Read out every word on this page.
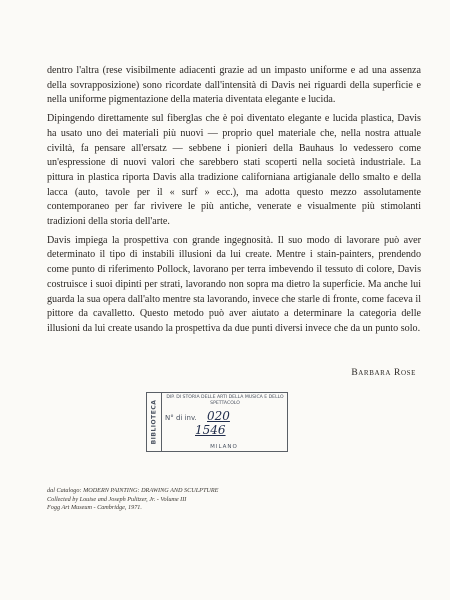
dentro l'altra (rese visibilmente adiacenti grazie ad un impasto uniforme e ad una assenza della sovrapposizione) sono ricordate dall'intensità di Davis nei riguardi della superficie e nella uniforme pigmentazione della materia diventata elegante e lucida.

Dipingendo direttamente sul fiberglas che è poi diventato elegante e lucida plastica, Davis ha usato uno dei materiali più nuovi — proprio quel materiale che, nella nostra attuale civiltà, fa pensare all'ersatz — sebbene i pionieri della Bauhaus lo vedessero come un'espressione di nuovi valori che sarebbero stati scoperti nella società industriale. La pittura in plastica riporta Davis alla tradizione californiana artigianale dello smalto e della lacca (auto, tavole per il « surf » ecc.), ma adotta questo mezzo assolutamente contemporaneo per far rivivere le più antiche, venerate e visualmente più stimolanti tradizioni della storia dell'arte.

Davis impiega la prospettiva con grande ingegnosità. Il suo modo di lavorare può aver determinato il tipo di instabili illusioni da lui create. Mentre i stain-painters, prendendo come punto di riferimento Pollock, lavorano per terra imbevendo il tessuto di colore, Davis costruisce i suoi dipinti per strati, lavorando non sopra ma dietro la superficie. Ma anche lui guarda la sua opera dall'alto mentre sta lavorando, invece che starle di fronte, come faceva il pittore da cavalletto. Questo metodo può aver aiutato a determinare la categoria delle illusioni da lui create usando la prospettiva da due punti diversi invece che da un punto solo.

Barbara Rose
BIBLIOTECA
DIP. DI STORIA DELLE ARTI DELLA MUSICA E DELLO SPETTACOLO
N° di inv. 020
1546
MILANO
dal Catalogo: MODERN PAINTING: DRAWING AND SCULPTURE
Collected by Louise and Joseph Pulitzer, Jr. - Volume III
Fogg Art Museum - Cambridge, 1971.
